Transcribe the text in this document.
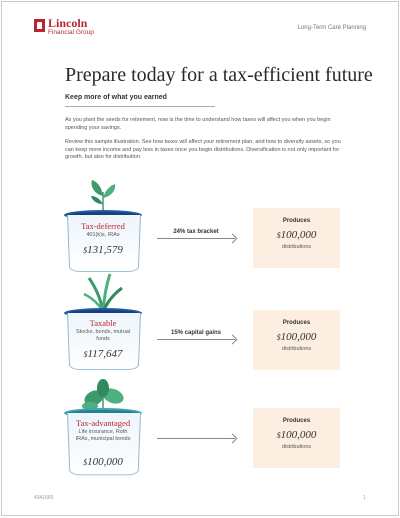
Lincoln
Financial Group
Long-Term Care Planning
Prepare today for a tax-efficient future
Keep more of what you earned

As you plant the seeds for retirement, now is the time to understand how taxes will affect you when you begin spending your savings.

Review this sample illustration. See how taxes will affect your retirement plan, and how to diversify assets, so you can keep more income and pay less in taxes once you begin distributions. Diversification is not only important for growth, but also for distribution.

Tax-deferred
401(k)s, IRAs
$131,579
24% tax bracket
Produces
$100,000
distributions
Taxable
Stocks, bonds, mutual funds
$117,647
15% capital gains
Produces
$100,000
distributions
Tax-advantaged
Life insurance, Roth IRAs, municipal bonds
$100,000
Produces
$100,000
distributions
4341565	1
